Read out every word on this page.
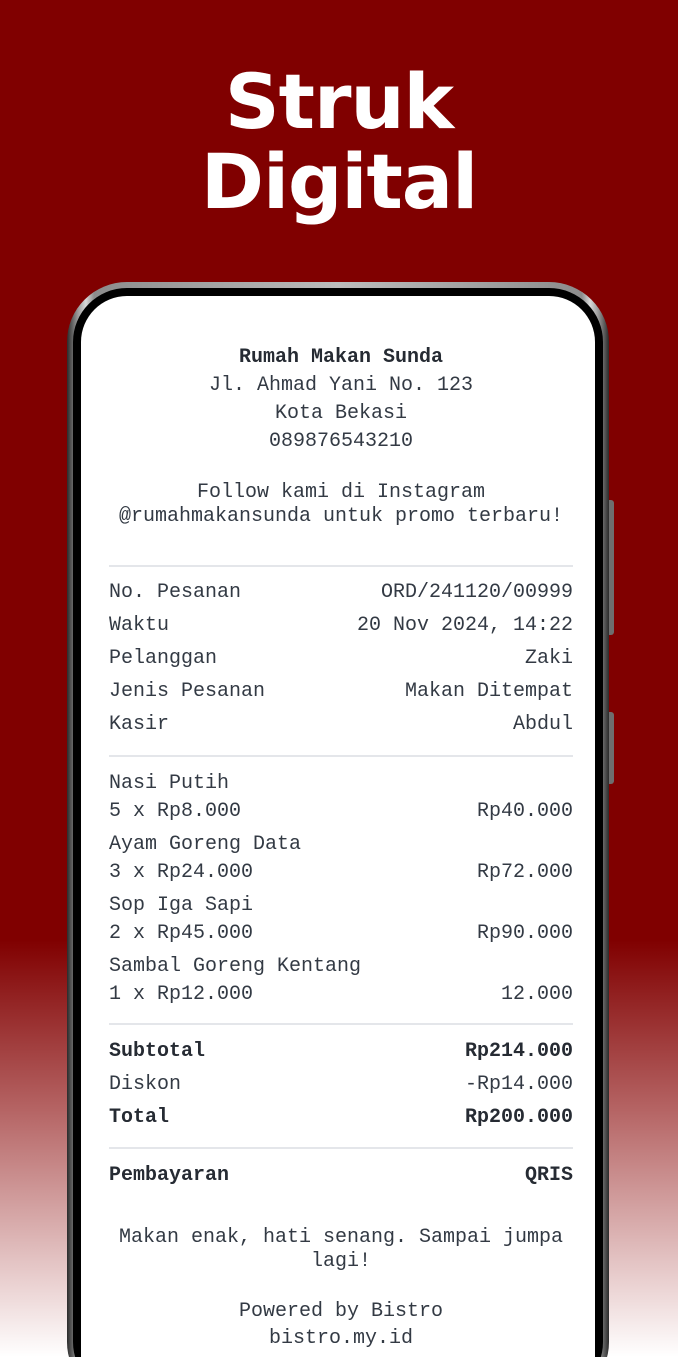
Struk
Digital
Rumah Makan Sunda
Jl. Ahmad Yani No. 123
Kota Bekasi
089876543210
Follow kami di Instagram
@rumahmakansunda untuk promo terbaru!
No. Pesanan	ORD/241120/00999
Waktu	20 Nov 2024, 14:22
Pelanggan	Zaki
Jenis Pesanan	Makan Ditempat
Kasir	Abdul
Nasi Putih
5 x Rp8.000	Rp40.000
Ayam Goreng Data
3 x Rp24.000	Rp72.000
Sop Iga Sapi
2 x Rp45.000	Rp90.000
Sambal Goreng Kentang
1 x Rp12.000	12.000
Subtotal	Rp214.000
Diskon	-Rp14.000
Total	Rp200.000
Pembayaran	QRIS
Makan enak, hati senang. Sampai jumpa
lagi!
Powered by Bistro
bistro.my.id
